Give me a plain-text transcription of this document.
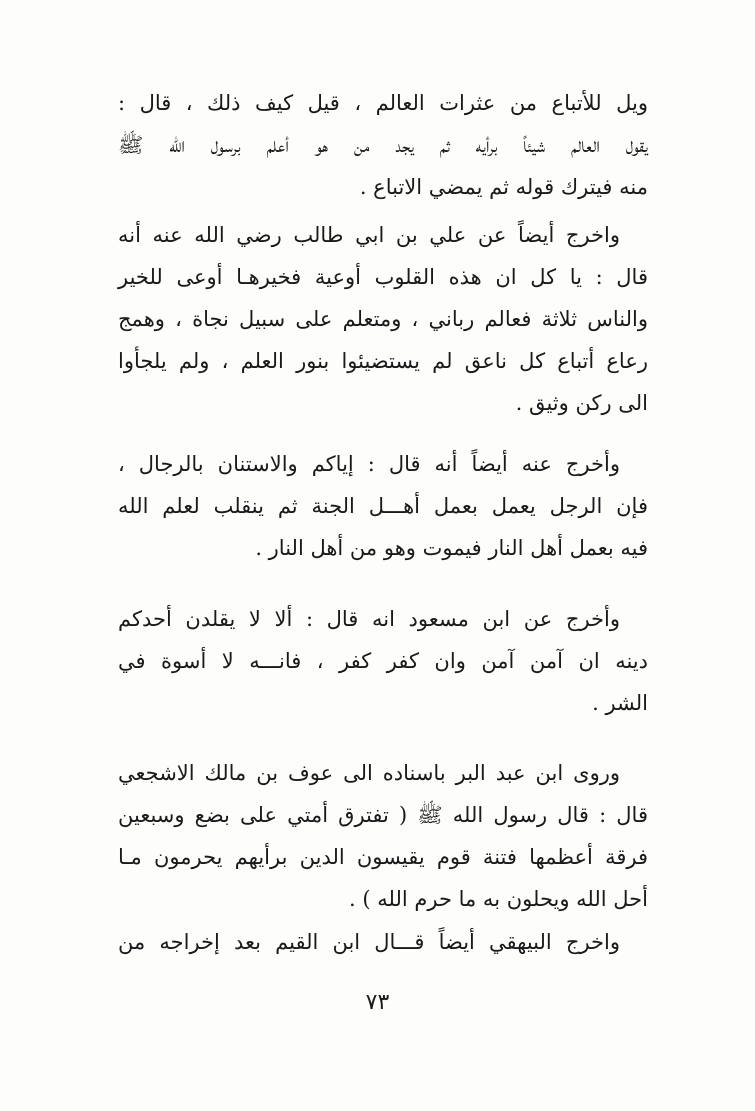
ويل للأتباع من عثرات العالم ، قيل كيف ذلك ، قال :
يقول العالم شيئاً برأيه ثم يجد من هو أعلم برسول الله ﷺ
منه فيترك قوله ثم يمضي الاتباع .
واخرج أيضاً عن علي بن ابي طالب رضي الله عنه أنه
قال : يا كل ان هذه القلوب أوعية فخيرهـا أوعى للخير
والناس ثلاثة فعالم رباني ، ومتعلم على سبيل نجاة ، وهمج
رعاع أتباع كل ناعق لم يستضيئوا بنور العلم ، ولم يلجأوا
الى ركن وثيق .
وأخرج عنه أيضاً أنه قال : إياكم والاستنان بالرجال ،
فإن الرجل يعمل بعمل أهـــل الجنة ثم ينقلب لعلم الله
فيه بعمل أهل النار فيموت وهو من أهل النار .
وأخرج عن ابن مسعود انه قال : ألا لا يقلدن أحدكم
دينه ان آمن آمن وان كفر كفر ، فانـــه لا أسوة في
الشر .
وروى ابن عبد البر باسناده الى عوف بن مالك الاشجعي
قال : قال رسول الله ﷺ ( تفترق أمتي على بضع وسبعين
فرقة أعظمها فتنة قوم يقيسون الدين برأيهم يحرمون مـا
أحل الله ويحلون به ما حرم الله ) .
واخرج البيهقي أيضاً قـــال ابن القيم بعد إخراجه من
٧٣
